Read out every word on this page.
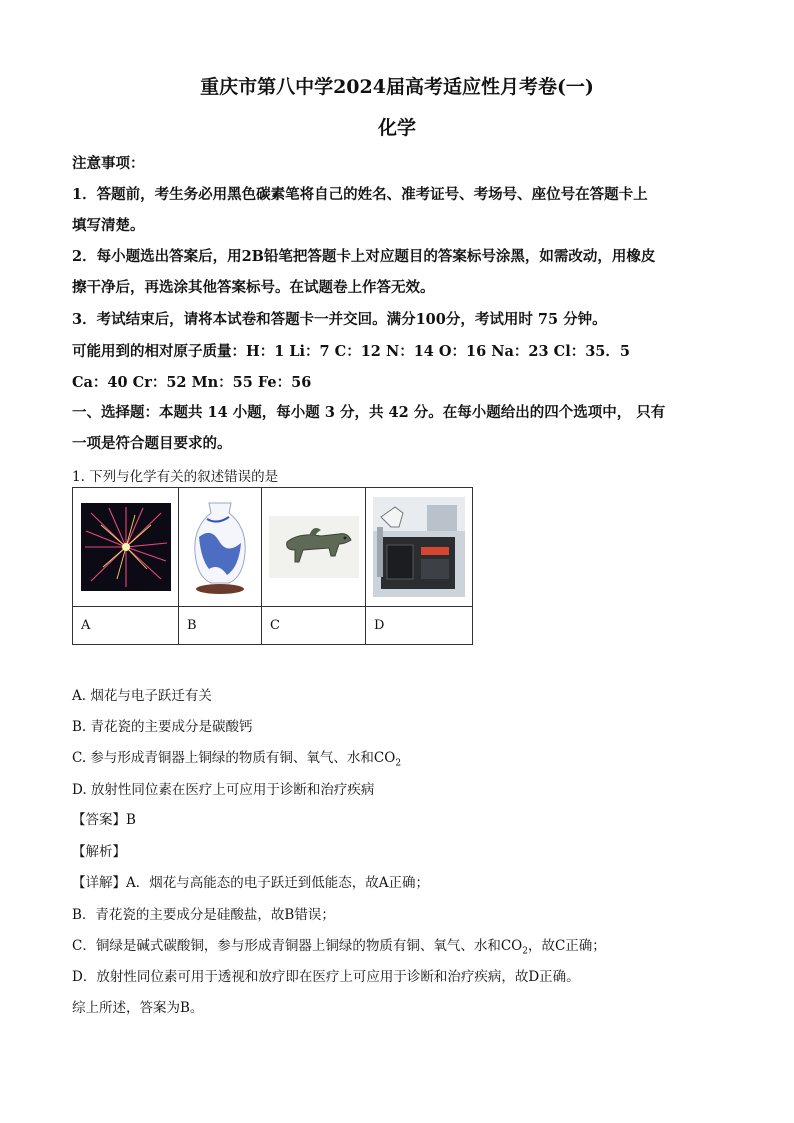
重庆市第八中学2024届高考适应性月考卷(一)
化学
注意事项：
1．答题前，考生务必用黑色碳素笔将自己的姓名、准考证号、考场号、座位号在答题卡上
填写清楚。
2．每小题选出答案后，用2B铅笔把答题卡上对应题目的答案标号涂黑，如需改动，用橡皮
擦干净后，再选涂其他答案标号。在试题卷上作答无效。
3．考试结束后，请将本试卷和答题卡一并交回。满分100分，考试用时 75 分钟。
可能用到的相对原子质量：H：1 Li：7 C：12 N：14 O：16 Na：23 Cl：35．5
Ca：40 Cr：52 Mn：55 Fe：56
一、选择题：本题共 14 小题，每小题 3 分，共 42 分。在每小题给出的四个选项中， 只有
一项是符合题目要求的。
1. 下列与化学有关的叙述错误的是

A	B	C	D
A. 烟花与电子跃迁有关
B. 青花瓷的主要成分是碳酸钙
C. 参与形成青铜器上铜绿的物质有铜、氧气、水和$CO_2$
D. 放射性同位素在医疗上可应用于诊断和治疗疾病
【答案】B
【解析】
【详解】A．烟花与高能态的电子跃迁到低能态，故A正确；
B．青花瓷的主要成分是硅酸盐，故B错误；
C．铜绿是碱式碳酸铜，参与形成青铜器上铜绿的物质有铜、氧气、水和$CO_2$，故C正确；
D．放射性同位素可用于透视和放疗即在医疗上可应用于诊断和治疗疾病，故D正确。
综上所述，答案为B。
